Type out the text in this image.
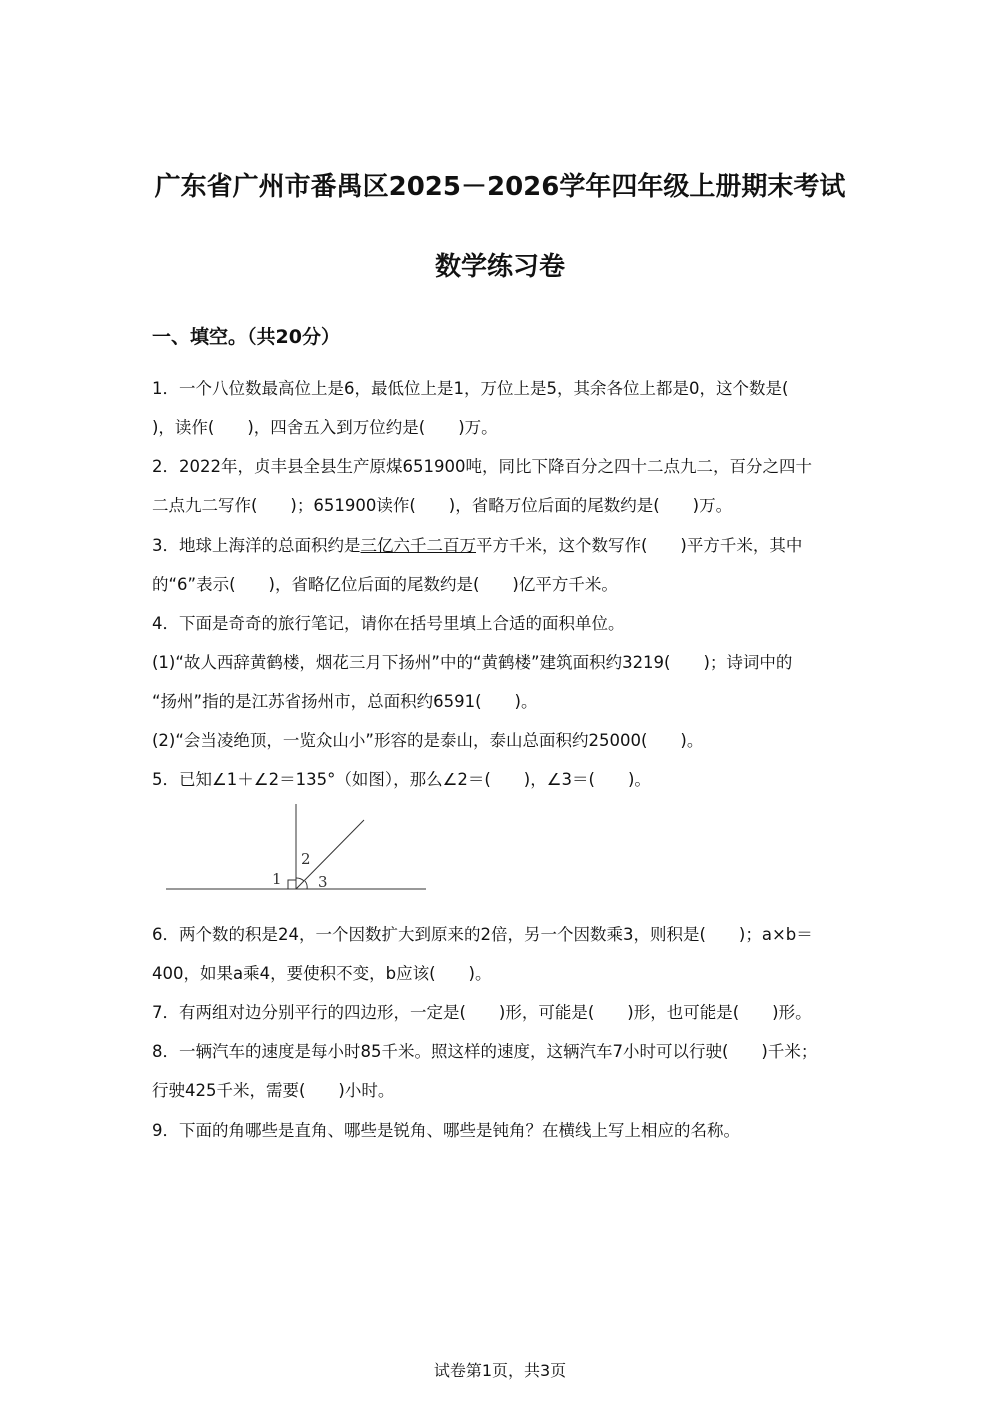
广东省广州市番禺区2025－2026学年四年级上册期末考试
数学练习卷
一、填空。（共20分）
1．一个八位数最高位上是6，最低位上是1，万位上是5，其余各位上都是0，这个数是(
)，读作(　　)，四舍五入到万位约是(　　)万。
2．2022年，贞丰县全县生产原煤651900吨，同比下降百分之四十二点九二，百分之四十
二点九二写作(　　)；651900读作(　　)，省略万位后面的尾数约是(　　)万。
3．地球上海洋的总面积约是三亿六千二百万平方千米，这个数写作(　　)平方千米，其中
的“6”表示(　　)，省略亿位后面的尾数约是(　　)亿平方千米。
4．下面是奇奇的旅行笔记，请你在括号里填上合适的面积单位。
(1)“故人西辞黄鹤楼，烟花三月下扬州”中的“黄鹤楼”建筑面积约3219(　　)；诗词中的
“扬州”指的是江苏省扬州市，总面积约6591(　　)。
(2)“会当凌绝顶，一览众山小”形容的是泰山，泰山总面积约25000(　　)。
5．已知∠1＋∠2＝135°（如图），那么∠2＝(　　)，∠3＝(　　)。
1
2
3
6．两个数的积是24，一个因数扩大到原来的2倍，另一个因数乘3，则积是(　　)；a×b＝
400，如果a乘4，要使积不变，b应该(　　)。
7．有两组对边分别平行的四边形，一定是(　　)形，可能是(　　)形，也可能是(　　)形。
8．一辆汽车的速度是每小时85千米。照这样的速度，这辆汽车7小时可以行驶(　　)千米；
行驶425千米，需要(　　)小时。
9．下面的角哪些是直角、哪些是锐角、哪些是钝角？在横线上写上相应的名称。
试卷第1页，共3页
